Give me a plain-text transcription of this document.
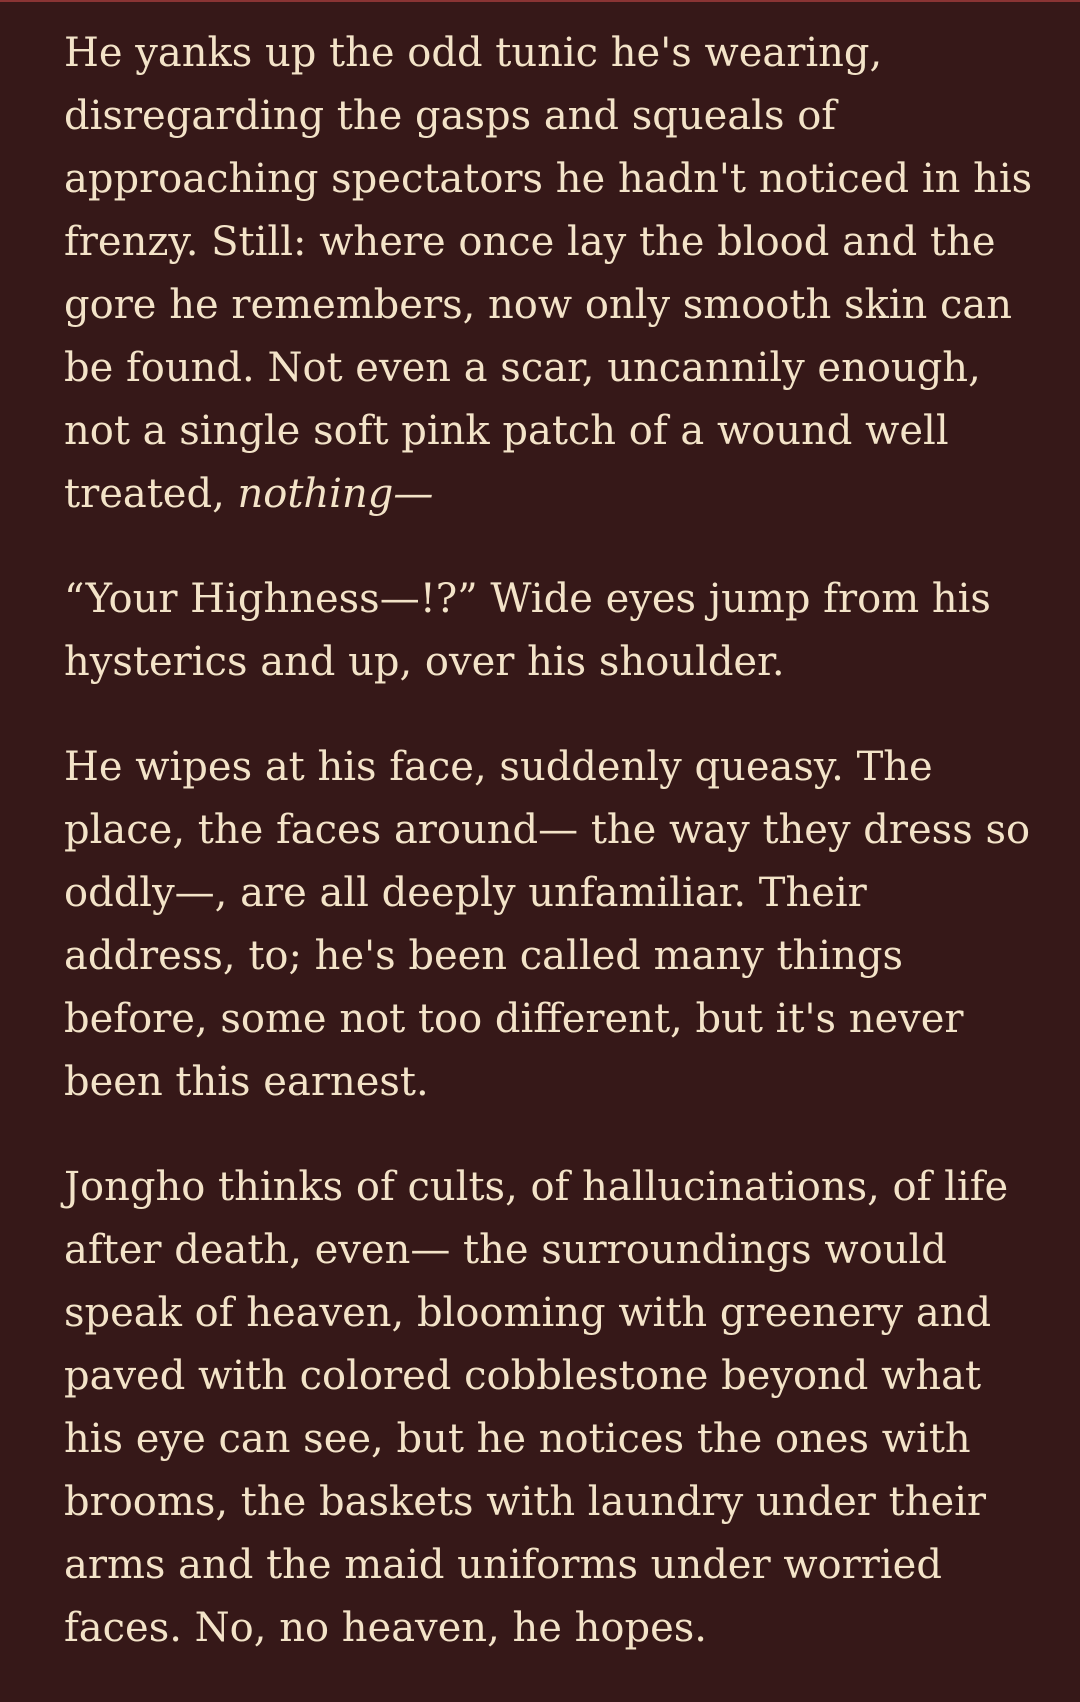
He yanks up the odd tunic he's wearing,
disregarding the gasps and squeals of
approaching spectators he hadn't noticed in his
frenzy. Still: where once lay the blood and the
gore he remembers, now only smooth skin can
be found. Not even a scar, uncannily enough,
not a single soft pink patch of a wound well
treated, nothing—

“Your Highness—!?” Wide eyes jump from his
hysterics and up, over his shoulder.

He wipes at his face, suddenly queasy. The
place, the faces around— the way they dress so
oddly—, are all deeply unfamiliar. Their
address, to; he's been called many things
before, some not too different, but it's never
been this earnest.

Jongho thinks of cults, of hallucinations, of life
after death, even— the surroundings would
speak of heaven, blooming with greenery and
paved with colored cobblestone beyond what
his eye can see, but he notices the ones with
brooms, the baskets with laundry under their
arms and the maid uniforms under worried
faces. No, no heaven, he hopes.
